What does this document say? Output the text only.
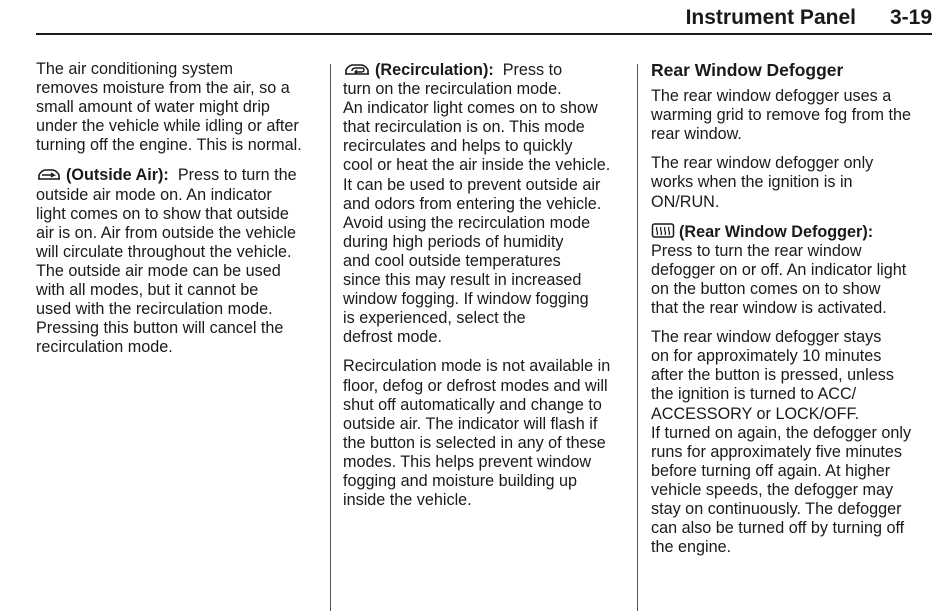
Instrument Panel 3-19

The air conditioning system
removes moisture from the air, so a
small amount of water might drip
under the vehicle while idling or after
turning off the engine. This is normal.

(Outside Air): Press to turn the
outside air mode on. An indicator
light comes on to show that outside
air is on. Air from outside the vehicle
will circulate throughout the vehicle.
The outside air mode can be used
with all modes, but it cannot be
used with the recirculation mode.
Pressing this button will cancel the
recirculation mode.

(Recirculation): Press to
turn on the recirculation mode.
An indicator light comes on to show
that recirculation is on. This mode
recirculates and helps to quickly
cool or heat the air inside the vehicle.
It can be used to prevent outside air
and odors from entering the vehicle.
Avoid using the recirculation mode
during high periods of humidity
and cool outside temperatures
since this may result in increased
window fogging. If window fogging
is experienced, select the
defrost mode.

Recirculation mode is not available in
floor, defog or defrost modes and will
shut off automatically and change to
outside air. The indicator will flash if
the button is selected in any of these
modes. This helps prevent window
fogging and moisture building up
inside the vehicle.

Rear Window Defogger

The rear window defogger uses a
warming grid to remove fog from the
rear window.

The rear window defogger only
works when the ignition is in
ON/RUN.

(Rear Window Defogger):
Press to turn the rear window
defogger on or off. An indicator light
on the button comes on to show
that the rear window is activated.

The rear window defogger stays
on for approximately 10 minutes
after the button is pressed, unless
the ignition is turned to ACC/
ACCESSORY or LOCK/OFF.

If turned on again, the defogger only
runs for approximately five minutes
before turning off again. At higher
vehicle speeds, the defogger may
stay on continuously. The defogger
can also be turned off by turning off
the engine.
